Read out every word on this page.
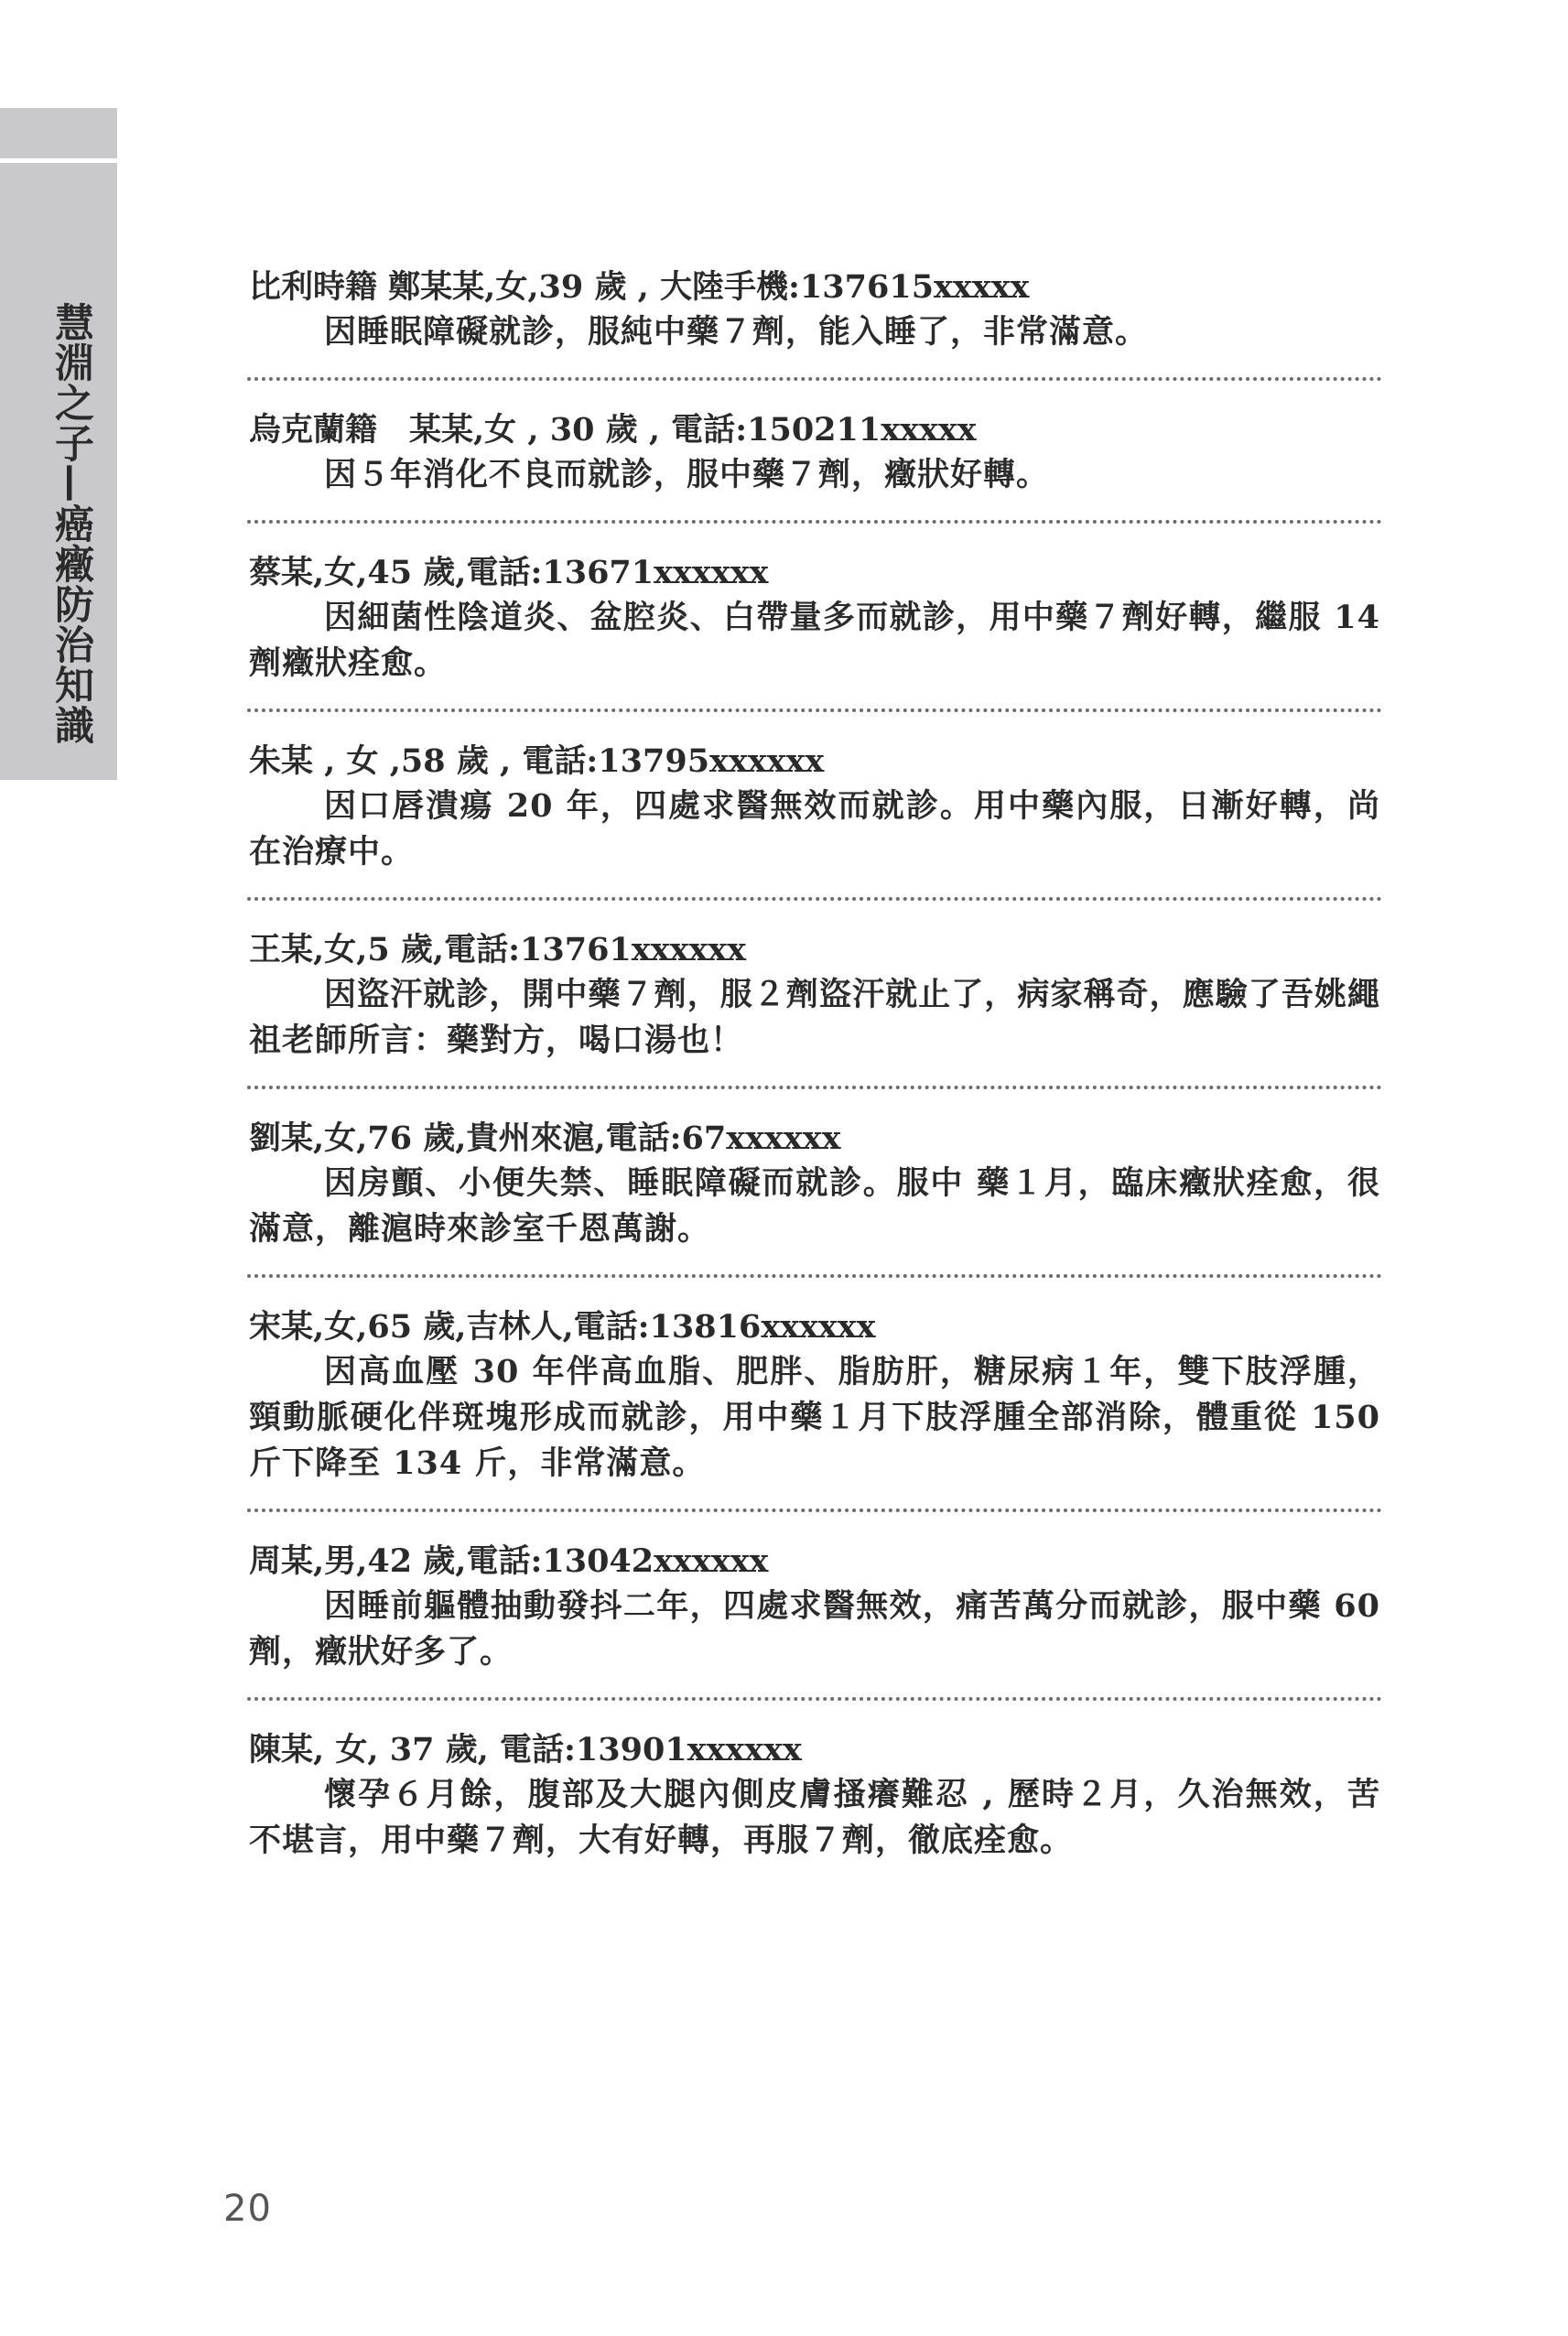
慧淵之子—癌癥防治知識
比利時籍 鄭某某,女,39 歲 , 大陸手機:137615xxxxx
因睡眠障礙就診，服純中藥７劑，能入睡了，非常滿意。
烏克蘭籍　某某,女 , 30 歲 , 電話:150211xxxxx
因５年消化不良而就診，服中藥７劑，癥狀好轉。
蔡某,女,45 歲,電話:13671xxxxxx
因細菌性陰道炎、盆腔炎、白帶量多而就診，用中藥７劑好轉，繼服 14 劑癥狀痊愈。
朱某 , 女 ,58 歲 , 電話:13795xxxxxx
因口唇潰瘍 20 年，四處求醫無效而就診。用中藥內服，日漸好轉，尚在治療中。
王某,女,5 歲,電話:13761xxxxxx
因盜汗就診，開中藥７劑，服２劑盜汗就止了，病家稱奇，應驗了吾姚繩祖老師所言：藥對方，喝口湯也！
劉某,女,76 歲,貴州來滬,電話:67xxxxxx
因房顫、小便失禁、睡眠障礙而就診。服中 藥１月，臨床癥狀痊愈，很滿意，離滬時來診室千恩萬謝。
宋某,女,65 歲,吉林人,電話:13816xxxxxx
因高血壓 30 年伴高血脂、肥胖、脂肪肝，糖尿病１年，雙下肢浮腫，頸動脈硬化伴斑塊形成而就診，用中藥１月下肢浮腫全部消除，體重從 150 斤下降至 134 斤，非常滿意。
周某,男,42 歲,電話:13042xxxxxx
因睡前軀體抽動發抖二年，四處求醫無效，痛苦萬分而就診，服中藥 60 劑，癥狀好多了。
陳某, 女, 37 歲, 電話:13901xxxxxx
懷孕６月餘，腹部及大腿內側皮膚搔癢難忍 , 歷時２月，久治無效，苦不堪言，用中藥７劑，大有好轉，再服７劑，徹底痊愈。
20
